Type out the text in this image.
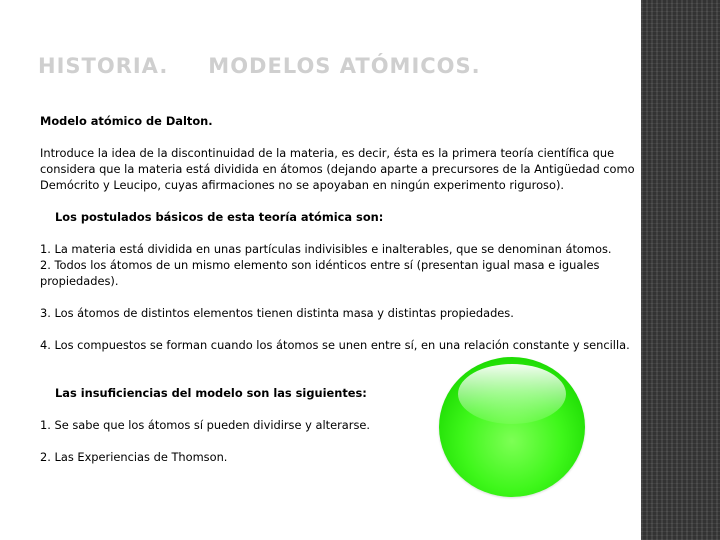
HISTORIA. MODELOS ATÓMICOS.

Modelo atómico de Dalton.

Introduce la idea de la discontinuidad de la materia, es decir, ésta es la primera teoría científica que considera que la materia está dividida en átomos (dejando aparte a precursores de la Antigüedad como Demócrito y Leucipo, cuyas afirmaciones no se apoyaban en ningún experimento riguroso).

Los postulados básicos de esta teoría atómica son:

1. La materia está dividida en unas partículas indivisibles e inalterables, que se denominan átomos.

2. Todos los átomos de un mismo elemento son idénticos entre sí (presentan igual masa e iguales propiedades).

3. Los átomos de distintos elementos tienen distinta masa y distintas propiedades.

4. Los compuestos se forman cuando los átomos se unen entre sí, en una relación constante y sencilla.

Las insuficiencias del modelo son las siguientes:

1. Se sabe que los átomos sí pueden dividirse y alterarse.

2. Las Experiencias de Thomson.
